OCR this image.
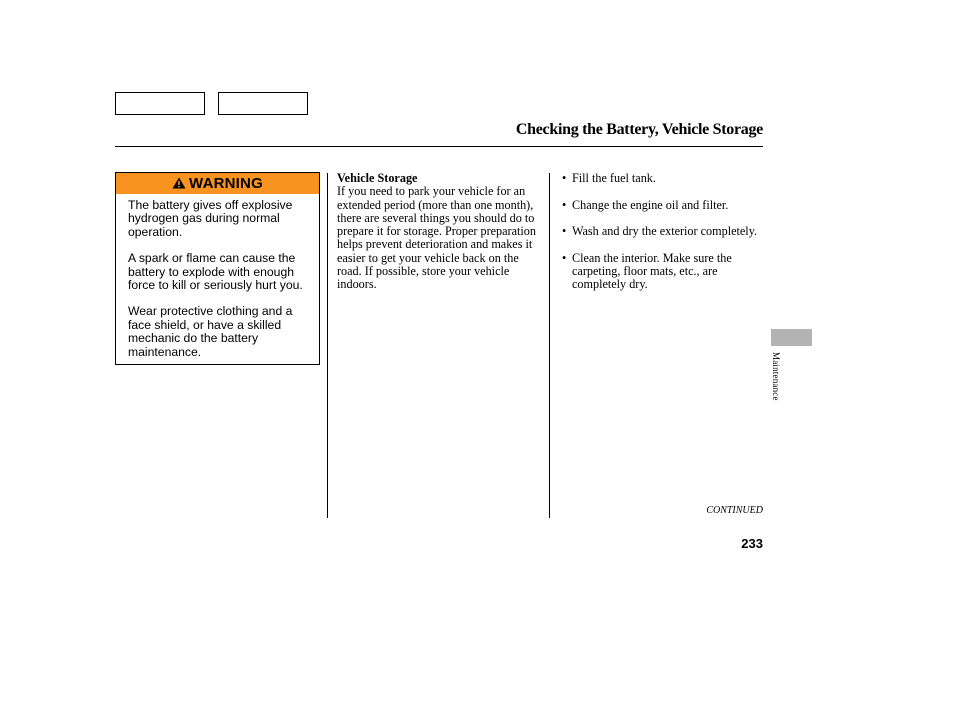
Checking the Battery, Vehicle Storage
WARNING

The battery gives off explosive hydrogen gas during normal operation.

A spark or flame can cause the battery to explode with enough force to kill or seriously hurt you.

Wear protective clothing and a face shield, or have a skilled mechanic do the battery maintenance.

Vehicle Storage

If you need to park your vehicle for an extended period (more than one month), there are several things you should do to prepare it for storage. Proper preparation helps prevent deterioration and makes it easier to get your vehicle back on the road. If possible, store your vehicle indoors.

• Fill the fuel tank.
• Change the engine oil and filter.
• Wash and dry the exterior completely.
• Clean the interior. Make sure the carpeting, floor mats, etc., are completely dry.
Maintenance
CONTINUED
233
